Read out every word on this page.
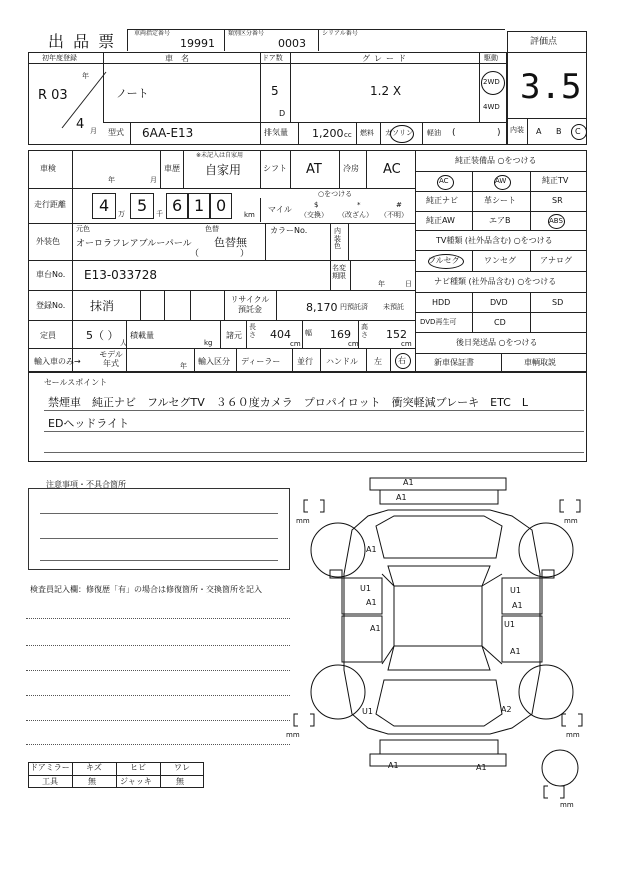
出 品 票	車両指定番号
19991
類別区分番号
0003
シリアル番号
評価点
3.5
内装 A B C
初年度登録
年
R 03
4 月
車　名
ノート
ドア数
5
D
グレード
1.2 X
駆動
2WD
4WD
型式 6AA-E13	排気量 1,200 cc 燃料 ガソリン 軽油 (	)
車検
年	月
車歴
※未記入は自家用
自家用	シフト AT	冷房 AC
走行距離 4 万 5 千 6 1 0	km
○をつける
マイル	$
（交換）
*
（改ざん）
#
（不明）
外装色
元色
オーロラフレアブルーパール
色替
色替無
（	）
カラーNo.	内装色
車台No. E13-033728	名変期限
年	日
登録No. 抹消	リサイクル預託金	8,170 円預託済 未預託
定員	5（ ）
人
積載量
kg
諸元
長さ 404
cm
幅 169
cm
高さ 152
cm
輸入車のみ→
モデル年式	年 輸入区分 ディーラー 並行 ハンドル 左 右
純正装備品 ○をつける
AC	AW	純正TV
純正ナビ	革シート	SR
純正AW	エアB	ABS
TV種類 (社外品含む) ○をつける
フルセグ	ワンセグ	アナログ
ナビ種類 (社外品含む) ○をつける
HDD	DVD	SD
DVD再生可	CD
後日発送品 ○をつける
新車保証書	車輌取説
セールスポイント
禁煙車　純正ナビ　フルセグTV　３６０度カメラ　プロパイロット　衝突軽減ブレーキ　ETC　L
EDヘッドライト
注意事項・不具合箇所
検査員記入欄：修復歴「有」の場合は修復箇所・交換箇所を記入
ドアミラー キズ	ヒビ	ワレ
工具	無	ジャッキ	無
mm	mm
mm	mm
mm
A1
A1
A1
U1
A1
U1
A1
A1	U1
A1
U1	A2
A1	A1
